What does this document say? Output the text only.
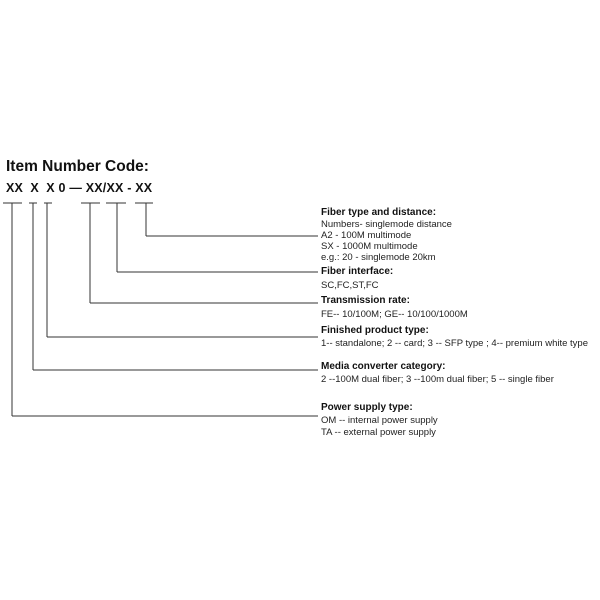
Item Number Code:
XX  X  X 0 — XX/XX - XX
Fiber type and distance:
Numbers- singlemode distance
A2 - 100M multimode
SX - 1000M multimode
e.g.: 20 - singlemode 20km
Fiber interface:
SC,FC,ST,FC
Transmission rate:
FE-- 10/100M; GE-- 10/100/1000M
Finished product type:
1-- standalone; 2 -- card; 3 -- SFP type ; 4-- premium white type
Media converter category:
2 --100M dual fiber; 3 --100m dual fiber; 5 -- single fiber
Power supply type:
OM -- internal power supply
TA -- external power supply
